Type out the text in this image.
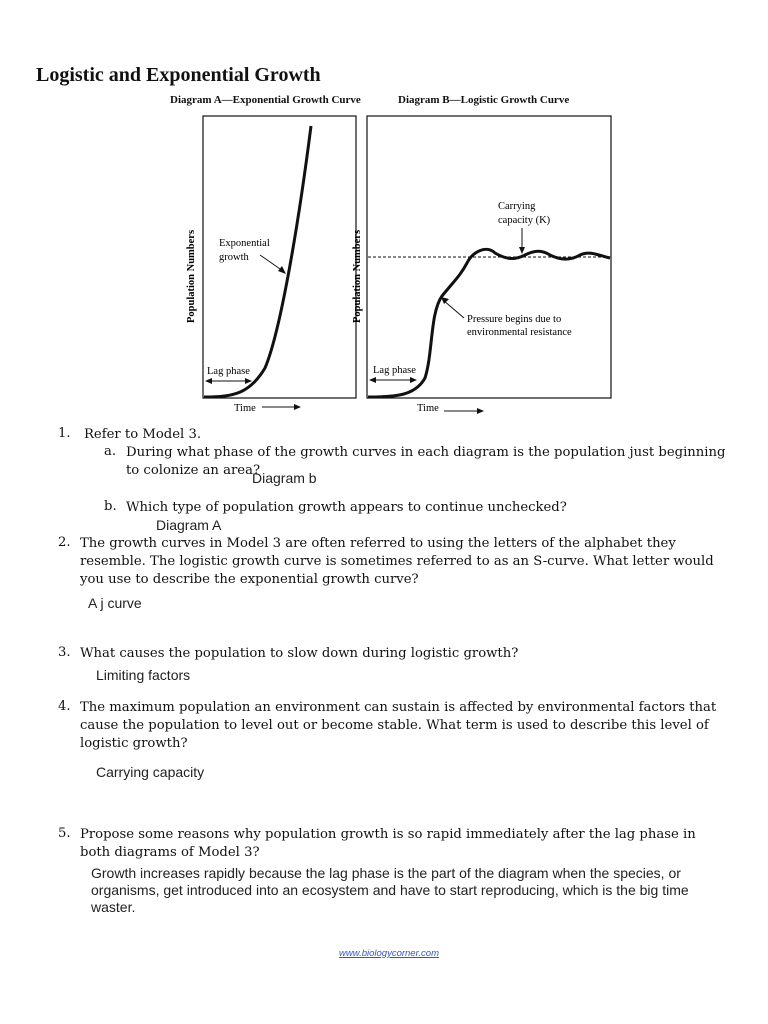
Logistic and Exponential Growth
Diagram A—Exponential Growth Curve	Diagram B—Logistic Growth Curve
Population Numbers Exponential
growth
Lag phase
Time
Population Numbers
Carrying
capacity (K)
Pressure begins due to
environmental resistance
Lag phase
Time
1. Refer to Model 3.
a. During what phase of the growth curves in each diagram is the population just beginning to colonize an area?
Diagram b
b. Which type of population growth appears to continue unchecked?
Diagram A
2. The growth curves in Model 3 are often referred to using the letters of the alphabet they resemble. The logistic growth curve is sometimes referred to as an S-curve. What letter would you use to describe the exponential growth curve?
A j curve
3. What causes the population to slow down during logistic growth?
Limiting factors
4. The maximum population an environment can sustain is affected by environmental factors that cause the population to level out or become stable. What term is used to describe this level of logistic growth?
Carrying capacity
5. Propose some reasons why population growth is so rapid immediately after the lag phase in both diagrams of Model 3?
Growth increases rapidly because the lag phase is the part of the diagram when the species, or organisms, get introduced into an ecosystem and have to start reproducing, which is the big time waster.
www.biologycorner.com
